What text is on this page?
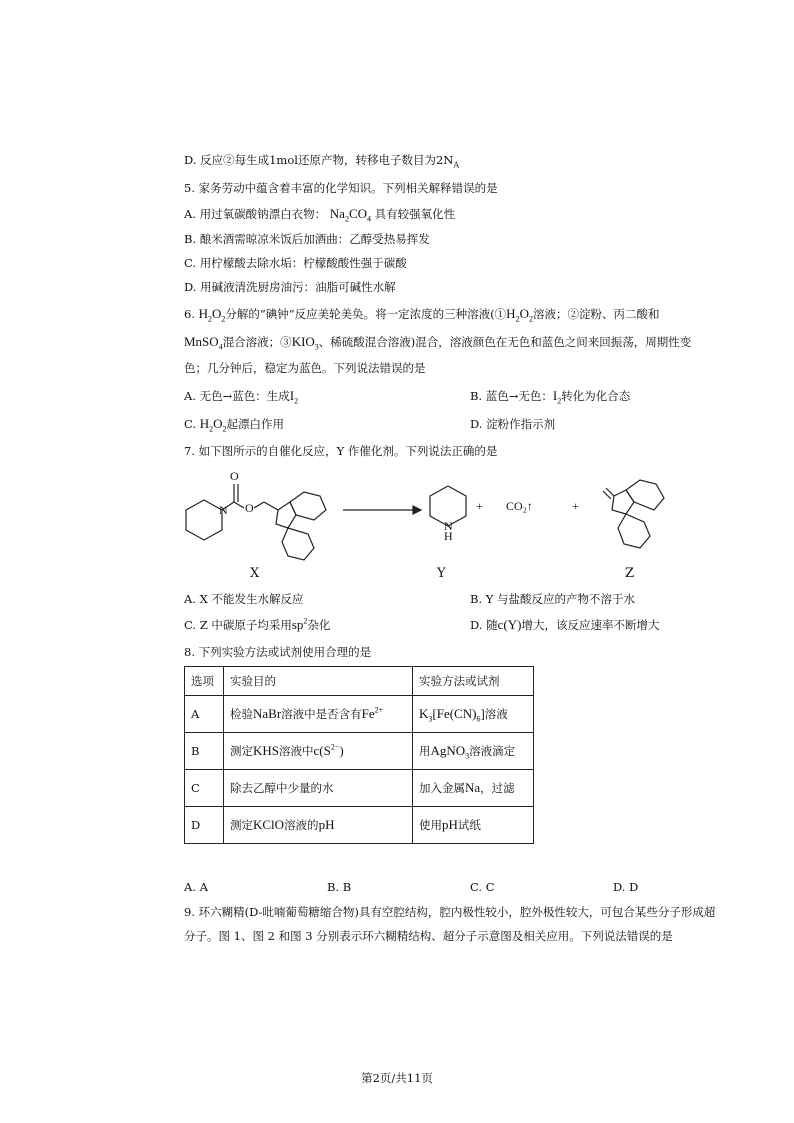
D. 反应②每生成1mol还原产物，转移电子数目为$2N_A$
5. 家务劳动中蕴含着丰富的化学知识。下列相关解释错误的是
A. 用过氧碳酸钠漂白衣物： $Na_2CO_4$ 具有较强氧化性
B. 酿米酒需晾凉米饭后加酒曲：乙醇受热易挥发
C. 用柠檬酸去除水垢：柠檬酸酸性强于碳酸
D. 用碱液清洗厨房油污：油脂可碱性水解
6. $H_2O_2$分解的“碘钟”反应美轮美奂。将一定浓度的三种溶液($①H_2O_2$溶液；②淀粉、丙二酸和
MnSO$_4$混合溶液；$③KIO_3$、稀硫酸混合溶液)混合，溶液颜色在无色和蓝色之间来回振荡，周期性变
色；几分钟后，稳定为蓝色。下列说法错误的是
A. 无色→蓝色：生成$I_2$	B. 蓝色→无色：$I_2$转化为化合态
C. $H_2O_2$起漂白作用	D. 淀粉作指示剂
7. 如下图所示的自催化反应，Y 作催化剂。下列说法正确的是
O
N O
N
H
+ CO₂↑	+
X	Y	Z
A. X 不能发生水解反应	B. Y 与盐酸反应的产物不溶于水
C. Z 中碳原子均采用$sp^2$杂化	D. 随c(Y)增大，该反应速率不断增大
8. 下列实验方法或试剂使用合理的是
选项	实验目的	实验方法或试剂
A	检验NaBr溶液中是否含有$Fe^{2+}$	$K_3[Fe(CN)_6]$溶液
B	测定KHS溶液中$c(S^{2-})$	用AgNO$_3$溶液滴定
C	除去乙醇中少量的水	加入金属Na，过滤
D	测定KClO溶液的pH	使用pH试纸
A. A	B. B	C. C	D. D
9. 环六糊精(D-吡喃葡萄糖缩合物)具有空腔结构，腔内极性较小，腔外极性较大，可包合某些分子形成超
分子。图 1、图 2 和图 3 分别表示环六糊精结构、超分子示意图及相关应用。下列说法错误的是
第2页/共11页
